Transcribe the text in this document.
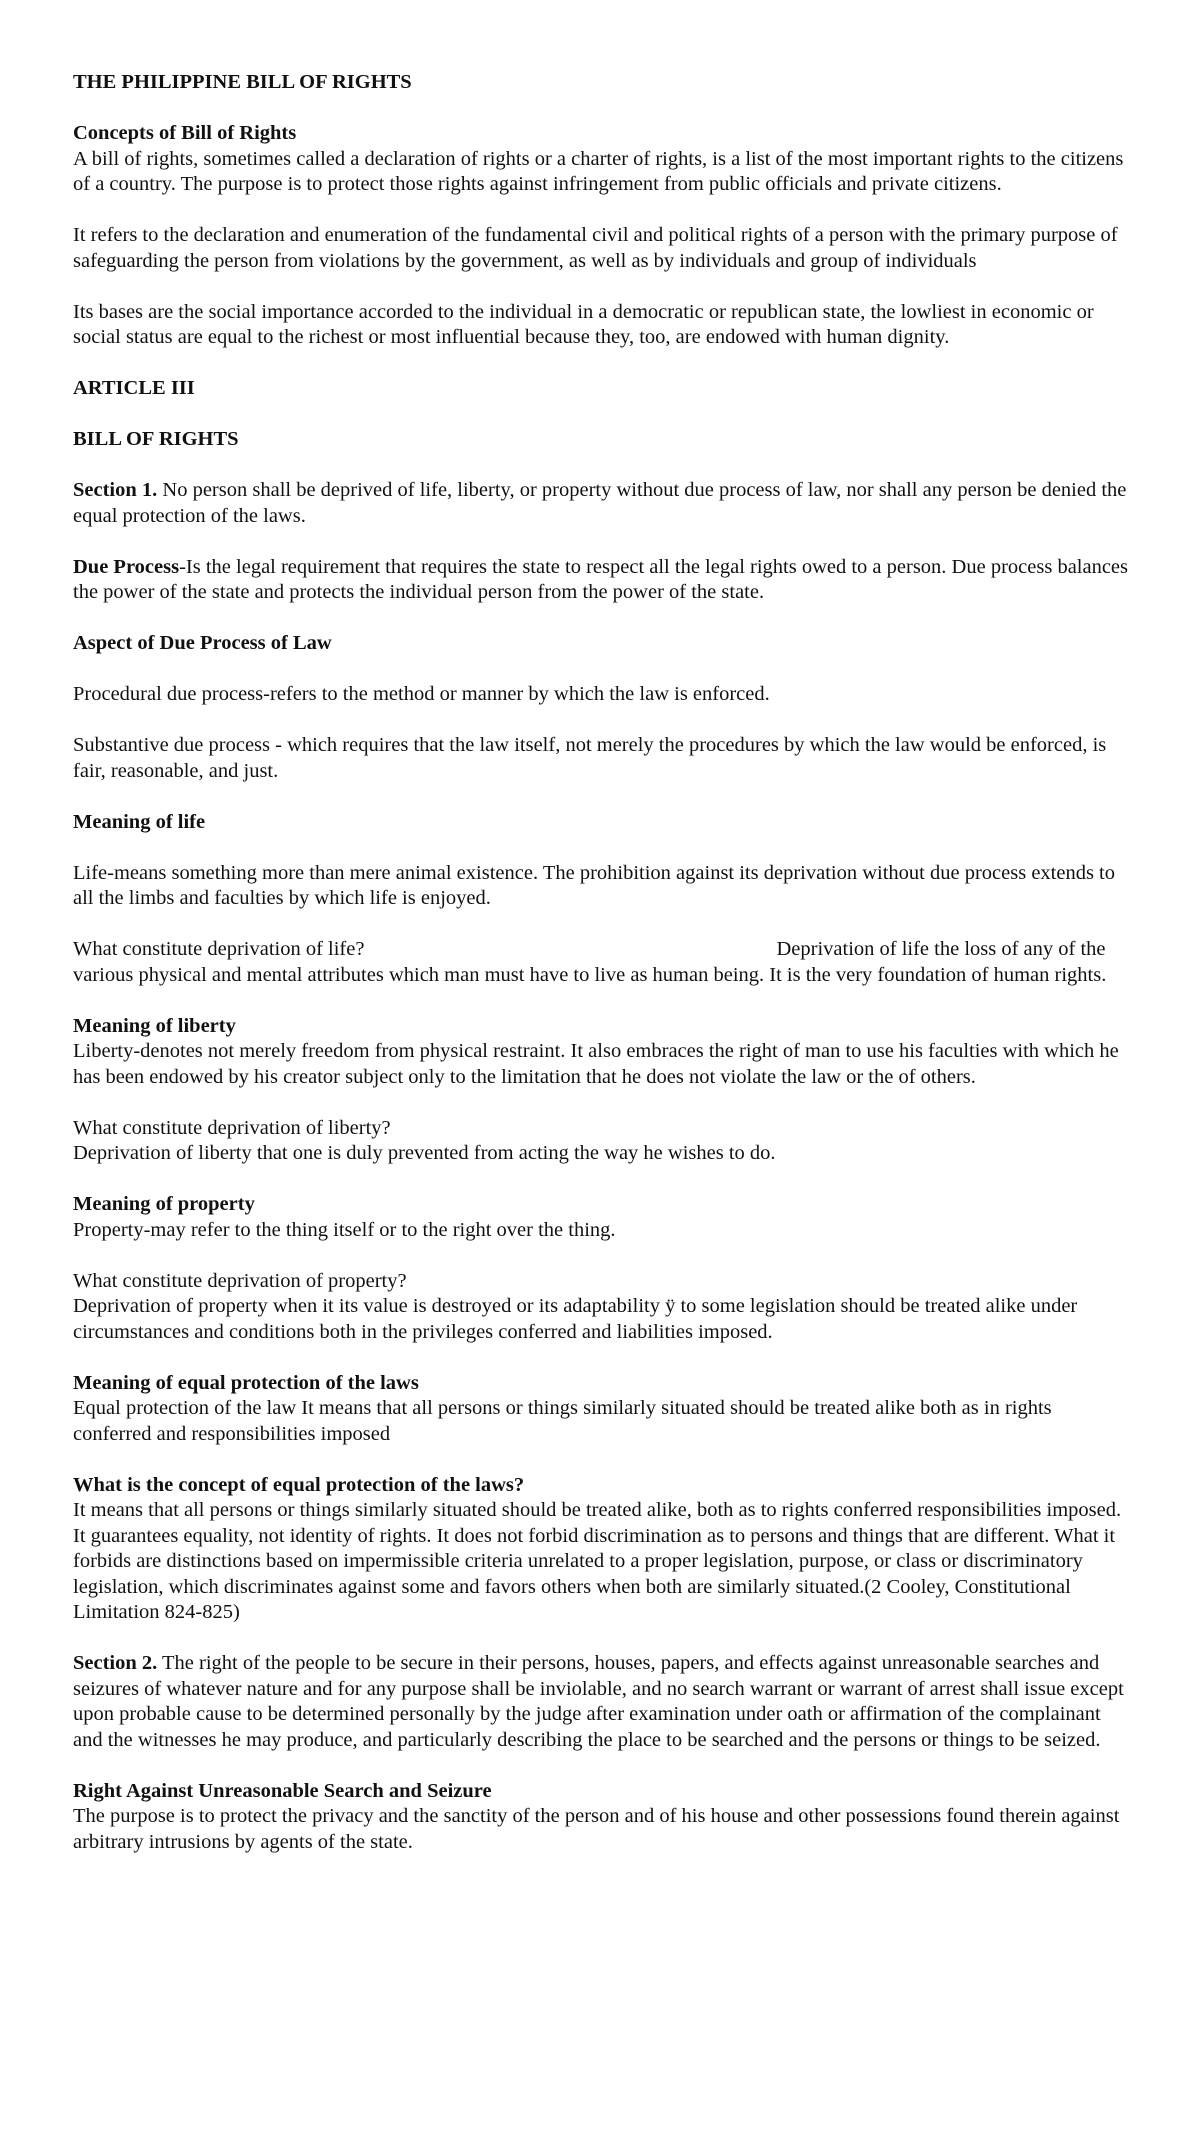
THE PHILIPPINE BILL OF RIGHTS

Concepts of Bill of Rights

A bill of rights, sometimes called a declaration of rights or a charter of rights, is a list of the most important rights to the citizens of a country. The purpose is to protect those rights against infringement from public officials and private citizens.

It refers to the declaration and enumeration of the fundamental civil and political rights of a person with the primary purpose of safeguarding the person from violations by the government, as well as by individuals and group of individuals

Its bases are the social importance accorded to the individual in a democratic or republican state, the lowliest in economic or social status are equal to the richest or most influential because they, too, are endowed with human dignity.

ARTICLE III

BILL OF RIGHTS

Section 1. No person shall be deprived of life, liberty, or property without due process of law, nor shall any person be denied the equal protection of the laws.

Due Process-Is the legal requirement that requires the state to respect all the legal rights owed to a person. Due process balances the power of the state and protects the individual person from the power of the state.

Aspect of Due Process of Law

Procedural due process-refers to the method or manner by which the law is enforced.

Substantive due process - which requires that the law itself, not merely the procedures by which the law would be enforced, is fair, reasonable, and just.

Meaning of life

Life-means something more than mere animal existence. The prohibition against its deprivation without due process extends to all the limbs and faculties by which life is enjoyed.

What constitute deprivation of life?	Deprivation of life the loss of any of the various physical and mental attributes which man must have to live as human being. It is the very foundation of human rights.

Meaning of liberty

Liberty-denotes not merely freedom from physical restraint. It also embraces the right of man to use his faculties with which he has been endowed by his creator subject only to the limitation that he does not violate the law or the of others.

What constitute deprivation of liberty?

Deprivation of liberty that one is duly prevented from acting the way he wishes to do.

Meaning of property

Property-may refer to the thing itself or to the right over the thing.

What constitute deprivation of property?

Deprivation of property when it its value is destroyed or its adaptability ÿ to some legislation should be treated alike under circumstances and conditions both in the privileges conferred and liabilities imposed.

Meaning of equal protection of the laws

Equal protection of the law It means that all persons or things similarly situated should be treated alike both as in rights conferred and responsibilities imposed

What is the concept of equal protection of the laws?

It means that all persons or things similarly situated should be treated alike, both as to rights conferred responsibilities imposed. It guarantees equality, not identity of rights. It does not forbid discrimination as to persons and things that are different. What it forbids are distinctions based on impermissible criteria unrelated to a proper legislation, purpose, or class or discriminatory legislation, which discriminates against some and favors others when both are similarly situated.(2 Cooley, Constitutional Limitation 824-825)

Section 2. The right of the people to be secure in their persons, houses, papers, and effects against unreasonable searches and seizures of whatever nature and for any purpose shall be inviolable, and no search warrant or warrant of arrest shall issue except upon probable cause to be determined personally by the judge after examination under oath or affirmation of the complainant and the witnesses he may produce, and particularly describing the place to be searched and the persons or things to be seized.

Right Against Unreasonable Search and Seizure

The purpose is to protect the privacy and the sanctity of the person and of his house and other possessions found therein against arbitrary intrusions by agents of the state.
